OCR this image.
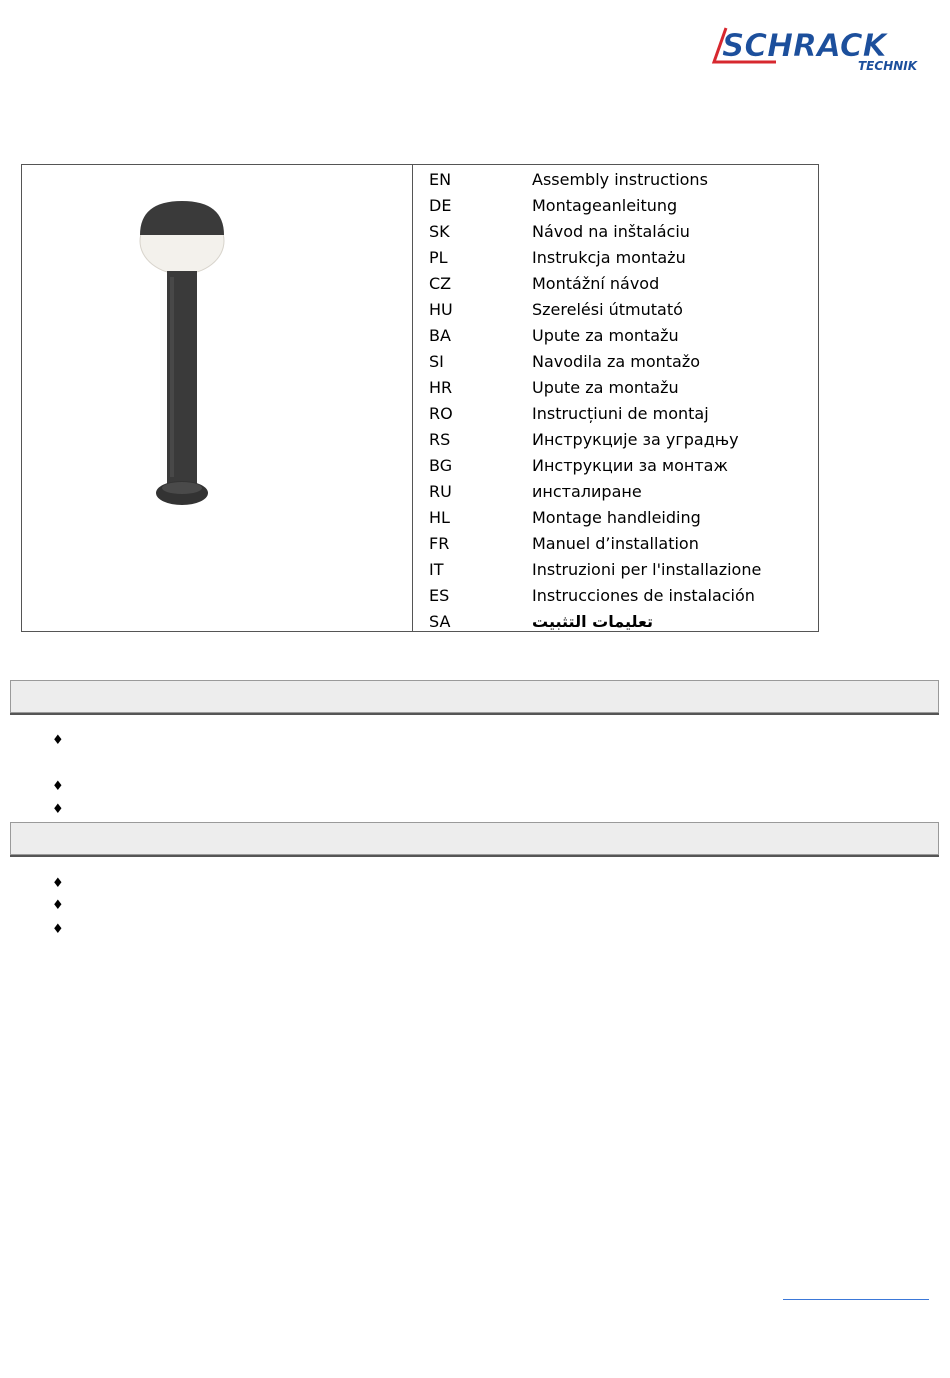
SCHRACK
TECHNIK
EN	Assembly instructions
DE	Montageanleitung
SK	Návod na inštaláciu
PL	Instrukcja montażu
CZ	Montážní návod
HU	Szerelési útmutató
BA	Upute za montažu
SI	Navodila za montažo
HR	Upute za montažu
RO	Instrucțiuni de montaj
RS	Инструкције за уградњу
BG	Инструкции за монтаж
RU	инсталиране
HL	Montage handleiding
FR	Manuel d’installation
IT	Instruzioni per l'installazione
ES	Instrucciones de instalación
SA	تعليمات التثبيت
♦
♦
♦
♦
♦
♦
